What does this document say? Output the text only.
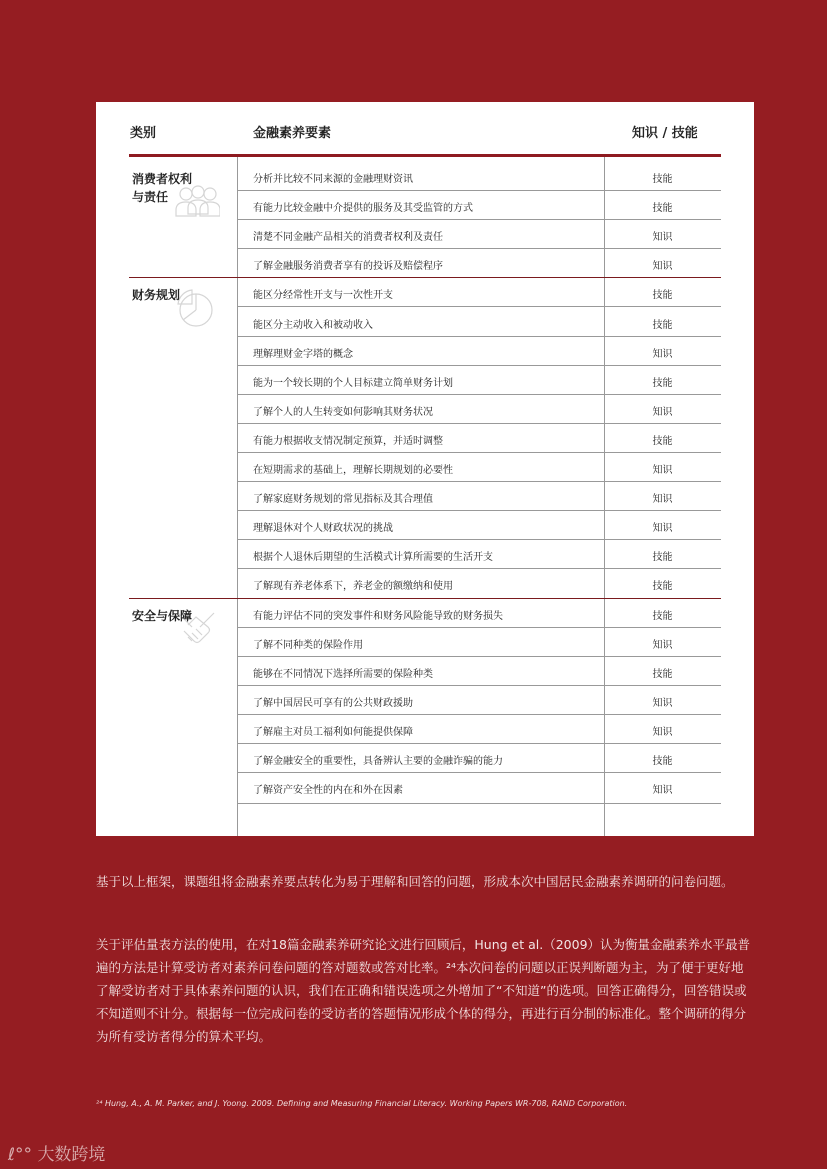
类别	金融素养要素	知识 / 技能
消费者权利与责任
分析并比较不同来源的金融理财资讯	技能
有能力比较金融中介提供的服务及其受监管的方式	技能
清楚不同金融产品相关的消费者权利及责任	知识
了解金融服务消费者享有的投诉及赔偿程序	知识
财务规划	能区分经常性开支与一次性开支	技能
能区分主动收入和被动收入	技能
理解理财金字塔的概念	知识
能为一个较长期的个人目标建立简单财务计划	技能
了解个人的人生转变如何影响其财务状况	知识
有能力根据收支情况制定预算，并适时调整	技能
在短期需求的基础上，理解长期规划的必要性	知识
了解家庭财务规划的常见指标及其合理值	知识
理解退休对个人财政状况的挑战	知识
根据个人退休后期望的生活模式计算所需要的生活开支	技能
了解现有养老体系下，养老金的额缴纳和使用	技能
安全与保障	有能力评估不同的突发事件和财务风险能导致的财务损失	技能
了解不同种类的保险作用	知识
能够在不同情况下选择所需要的保险种类	技能
了解中国居民可享有的公共财政援助	知识
了解雇主对员工福利如何能提供保障	知识
了解金融安全的重要性，具备辨认主要的金融诈骗的能力	技能
了解资产安全性的内在和外在因素	知识
基于以上框架，课题组将金融素养要点转化为易于理解和回答的问题，形成本次中国居民金融素养调研的问卷问题。
关于评估量表方法的使用，在对18篇金融素养研究论文进行回顾后，Hung et al.（2009）认为衡量金融素养水平最普遍的方法是计算受访者对素养问卷问题的答对题数或答对比率。²⁴本次问卷的问题以正误判断题为主，为了便于更好地了解受访者对于具体素养问题的认识，我们在正确和错误选项之外增加了“不知道”的选项。回答正确得分，回答错误或不知道则不计分。根据每一位完成问卷的受访者的答题情况形成个体的得分，再进行百分制的标准化。整个调研的得分为所有受访者得分的算术平均。
²⁴ Hung, A., A. M. Parker, and J. Yoong. 2009. Defining and Measuring Financial Literacy. Working Papers WR-708, RAND Corporation.
ℓ°° 大数跨境
